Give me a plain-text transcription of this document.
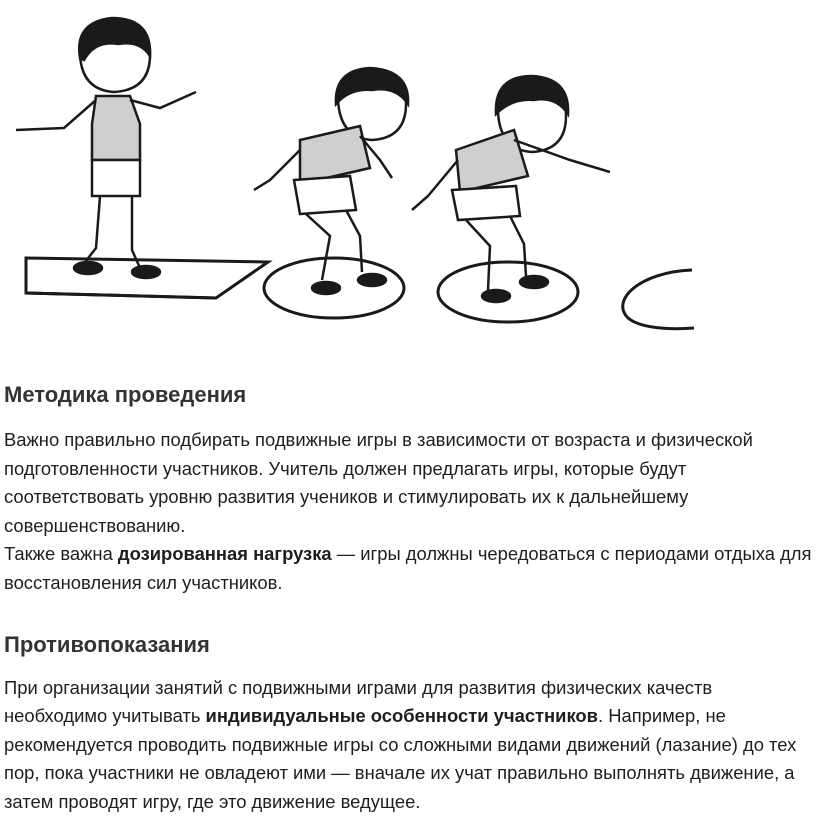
Методика проведения

Важно правильно подбирать подвижные игры в зависимости от возраста и физической подготовленности участников. Учитель должен предлагать игры, которые будут соответствовать уровню развития учеников и стимулировать их к дальнейшему совершенствованию.
Также важна дозированная нагрузка — игры должны чередоваться с периодами отдыха для восстановления сил участников.

Противопоказания

При организации занятий с подвижными играми для развития физических качеств необходимо учитывать индивидуальные особенности участников. Например, не рекомендуется проводить подвижные игры со сложными видами движений (лазание) до тех пор, пока участники не овладеют ими — вначале их учат правильно выполнять движение, а затем проводят игру, где это движение ведущее.
